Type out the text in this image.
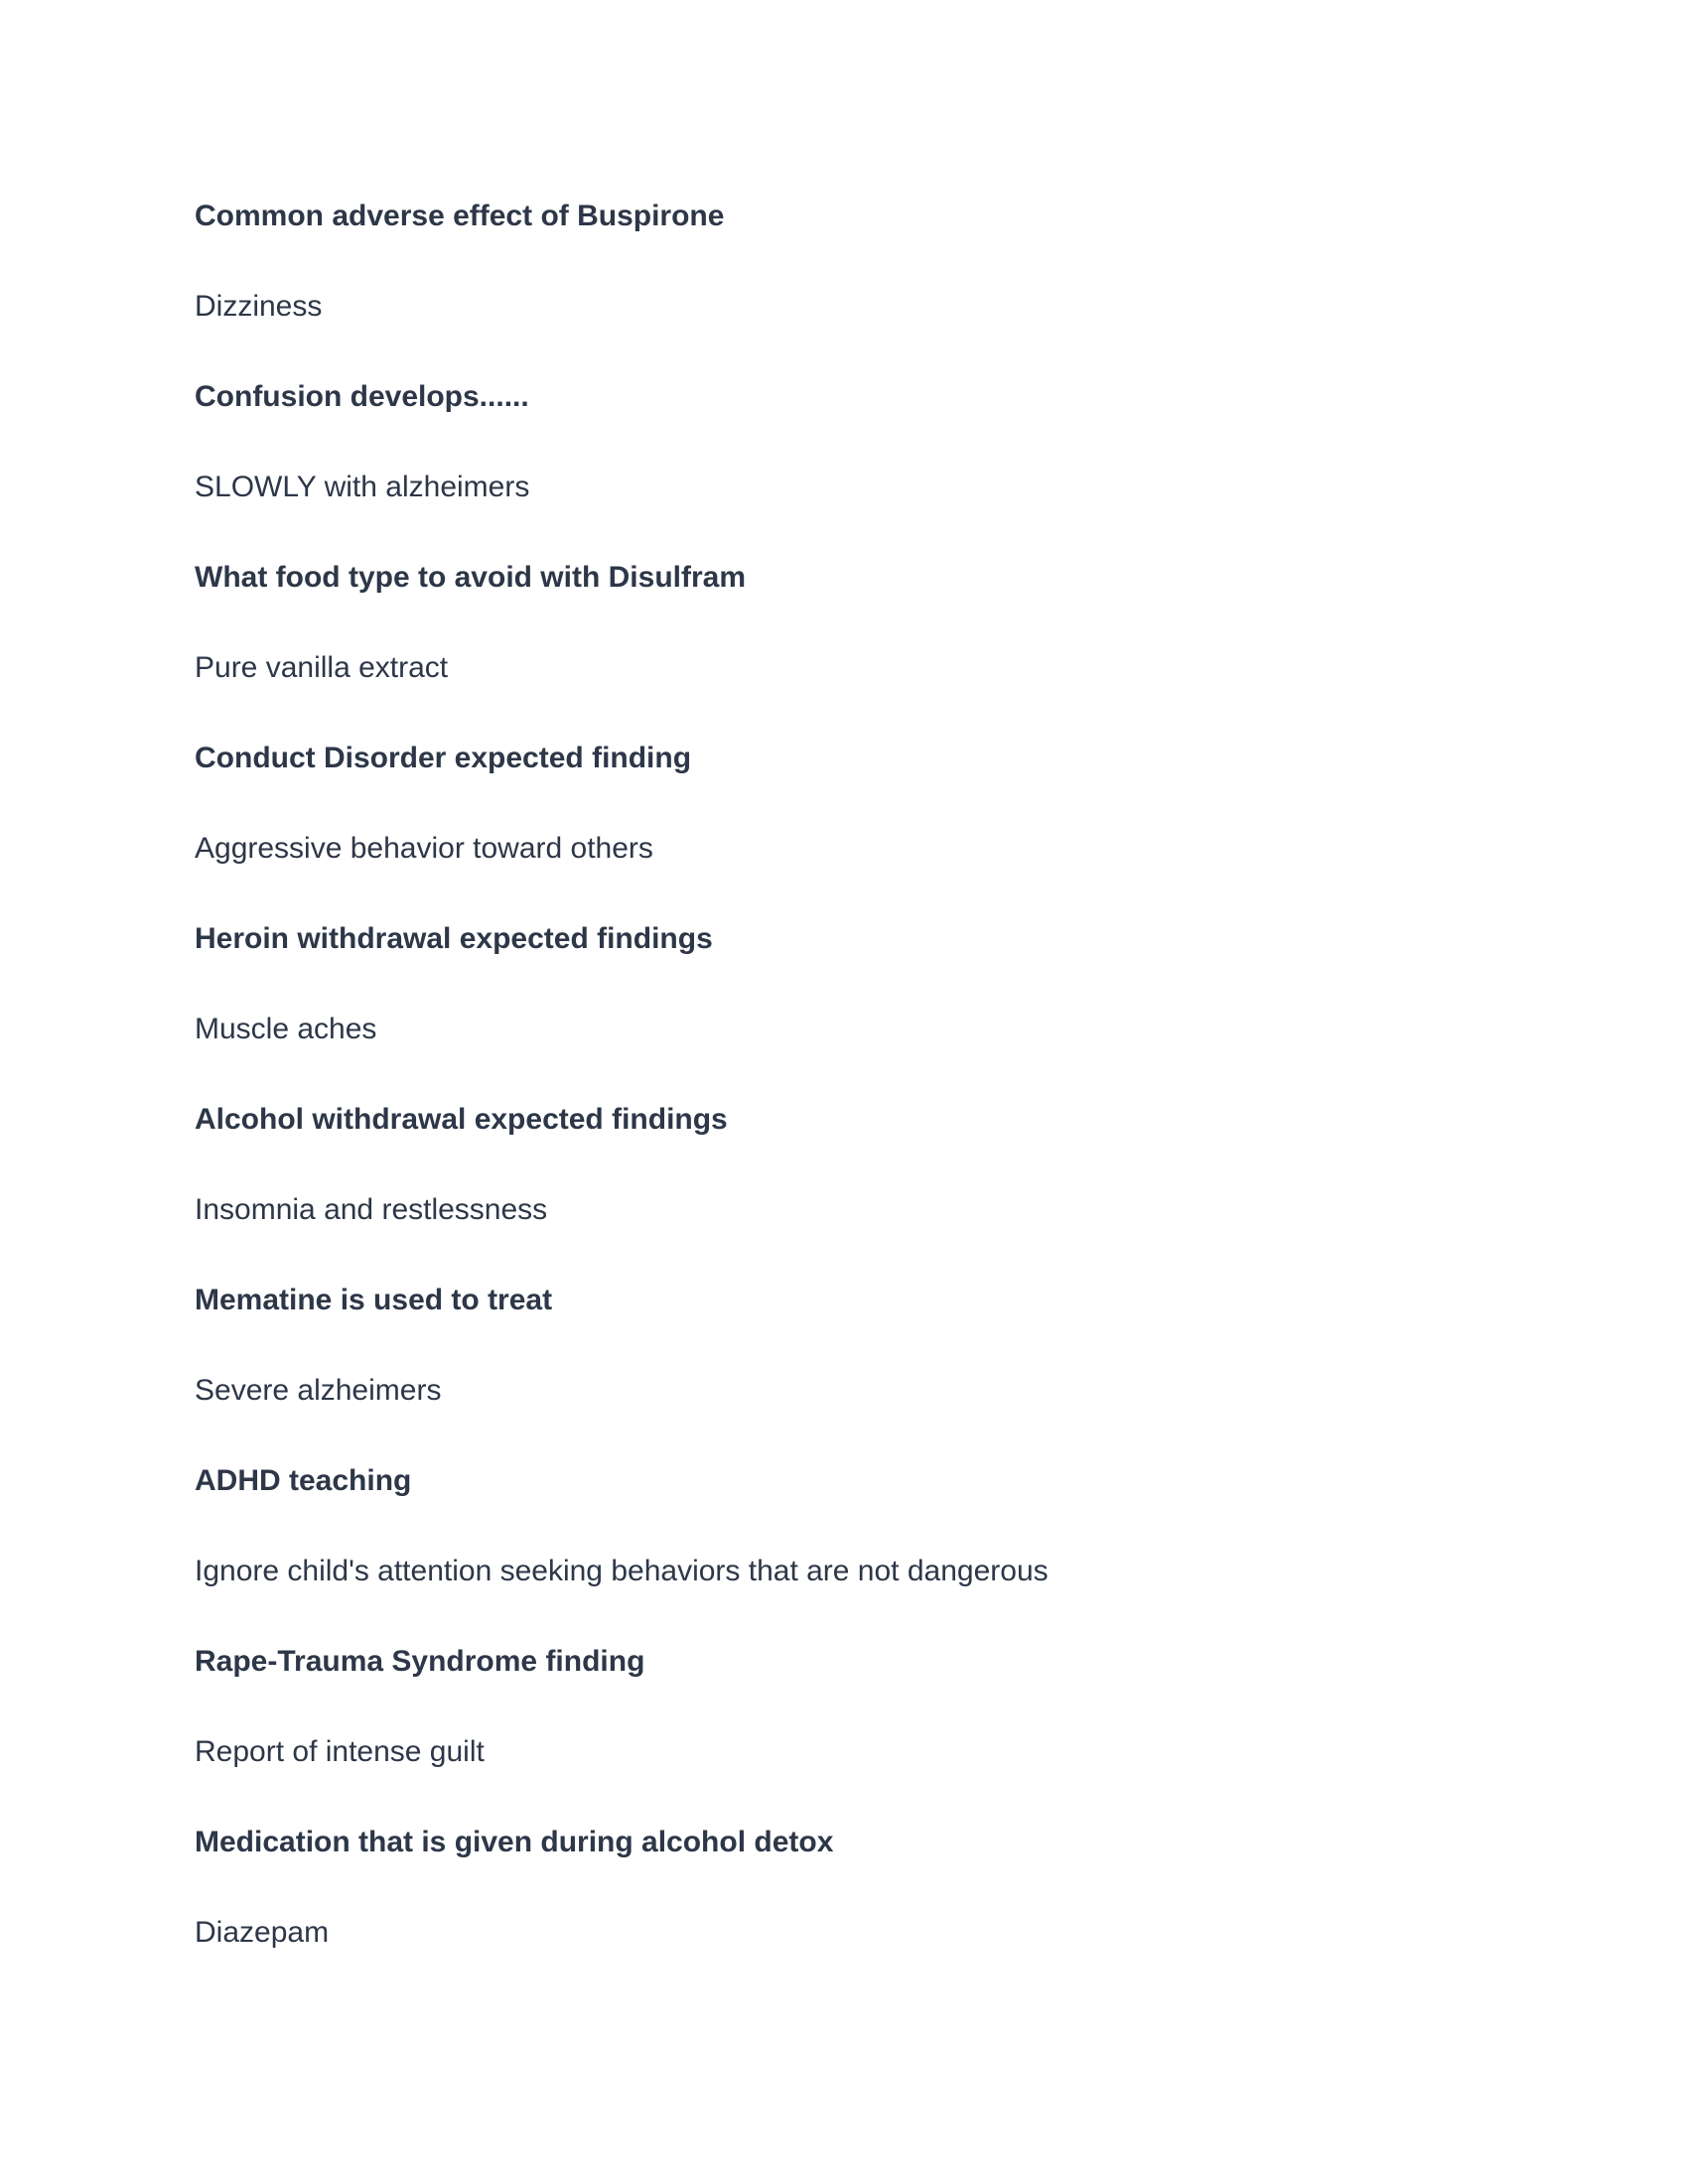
Common adverse effect of Buspirone

Dizziness

Confusion develops......

SLOWLY with alzheimers

What food type to avoid with Disulfram

Pure vanilla extract

Conduct Disorder expected finding

Aggressive behavior toward others

Heroin withdrawal expected findings

Muscle aches

Alcohol withdrawal expected findings

Insomnia and restlessness

Mematine is used to treat

Severe alzheimers

ADHD teaching

Ignore child's attention seeking behaviors that are not dangerous

Rape-Trauma Syndrome finding

Report of intense guilt

Medication that is given during alcohol detox

Diazepam
